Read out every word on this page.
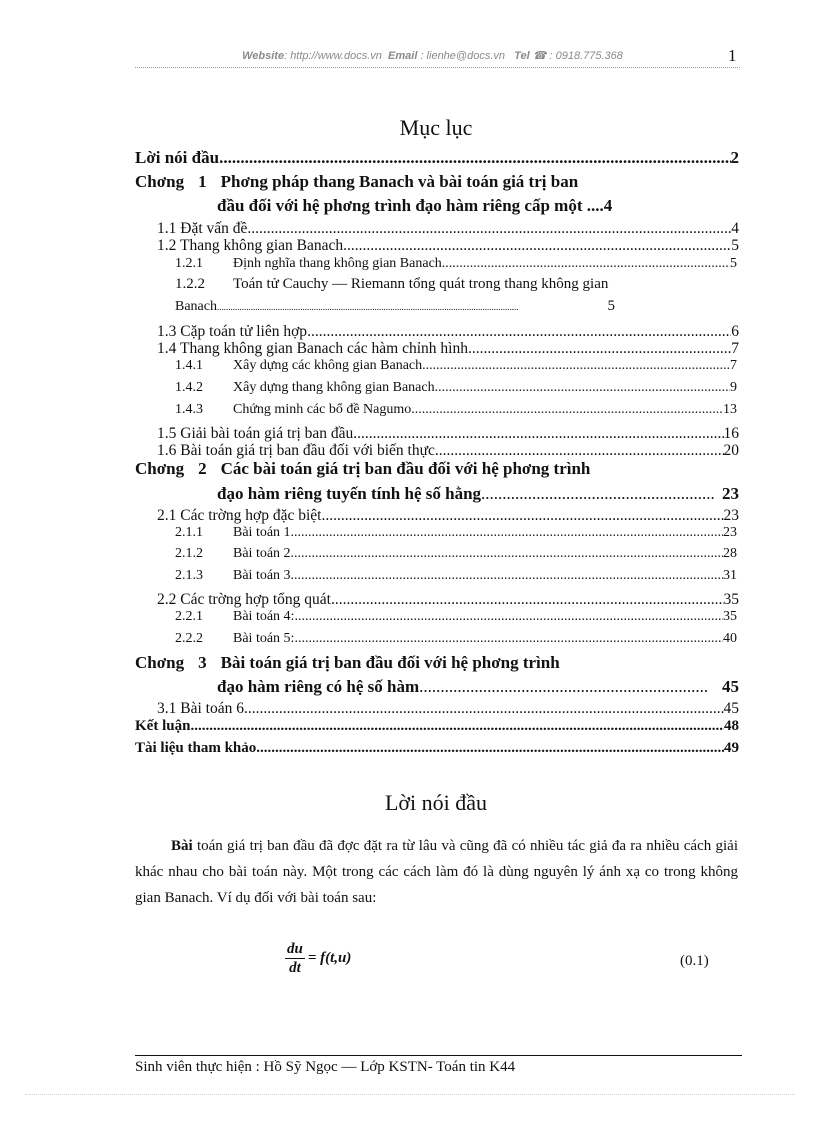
Website: http://www.docs.vn Email : lienhe@docs.vn Tel ☎ : 0918.775.368	1
Mục lục
Lời nói đầu .....	2
Chơng 1 Phơng pháp thang Banach và bài toán giá trị ban
đầu đối với hệ phơng trình đạo hàm riêng cấp một ....4
1.1 Đặt vấn đề .....	4
1.2 Thang không gian Banach .....	5
1.2.1 Định nghĩa thang không gian Banach .....	5
1.2.2 Toán tử Cauchy — Riemann tổng quát trong thang không gian
Banach .....	5
1.3 Cặp toán tử liên hợp .....	6
1.4 Thang không gian Banach các hàm chỉnh hình .....	7
1.4.1 Xây dựng các không gian Banach .....	7
1.4.2 Xây dựng thang không gian Banach .....	9
1.4.3 Chứng minh các bổ đề Nagumo .....	13
1.5 Giải bài toán giá trị ban đầu .....	16
1.6 Bài toán giá trị ban đầu đối với biến thực .....	20
Chơng 2 Các bài toán giá trị ban đầu đối với hệ phơng trình
đạo hàm riêng tuyến tính hệ số hằng .....	23
2.1 Các trờng hợp đặc biệt .....	23
2.1.1 Bài toán 1 .....	23
2.1.2 Bài toán 2 .....	28
2.1.3 Bài toán 3 .....	31
2.2 Các trờng hợp tổng quát .....	35
2.2.1 Bài toán 4: .....	35
2.2.2 Bài toán 5: .....	40
Chơng 3 Bài toán giá trị ban đầu đối với hệ phơng trình
đạo hàm riêng có hệ số hàm .....	45
3.1 Bài toán 6 .....	45
Kết luận .....	48
Tài liệu tham khảo .....	49
Lời nói đầu
Bài toán giá trị ban đầu đã đợc đặt ra từ lâu và cũng đã có nhiều tác giả đa ra nhiều cách giải khác nhau cho bài toán này. Một trong các cách làm đó là dùng nguyên lý ánh xạ co trong không gian Banach. Ví dụ đối với bài toán sau:
$\frac{du}{dt} = f(t,u)$	(0.1)
Sinh viên thực hiện : Hồ Sỹ Ngọc — Lớp KSTN- Toán tin K44
